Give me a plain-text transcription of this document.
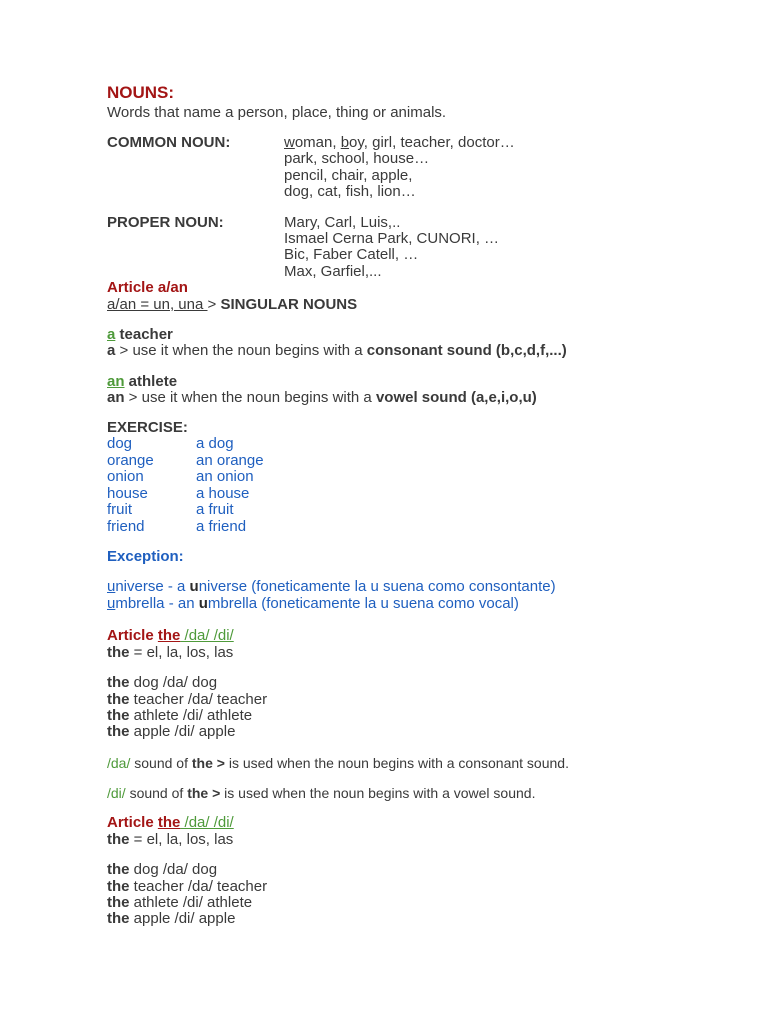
NOUNS:
Words that name a person, place, thing or animals.
COMMON NOUN:	woman, boy, girl, teacher, doctor…
park, school, house…
pencil, chair, apple,
dog, cat, fish, lion…
PROPER NOUN:	Mary, Carl, Luis,..
Ismael Cerna Park, CUNORI, …
Bic, Faber Catell, …
Max, Garfiel,...
Article a/an
a/an = un, una > SINGULAR NOUNS
a teacher
a > use it when the noun begins with a consonant sound (b,c,d,f,...)
an athlete
an > use it when the noun begins with a vowel sound (a,e,i,o,u)
EXERCISE:
dog	a dog
orange	an orange
onion	an onion
house	a house
fruit	a fruit
friend	a friend
Exception:
universe - a universe (foneticamente la u suena como consontante)
umbrella - an umbrella (foneticamente la u suena como vocal)
Article the /da/ /di/
the = el, la, los, las
the dog /da/ dog
the teacher /da/ teacher
the athlete /di/ athlete
the apple /di/ apple
/da/ sound of the > is used when the noun begins with a consonant sound.
/di/ sound of the > is used when the noun begins with a vowel sound.
Article the /da/ /di/
the = el, la, los, las
the dog /da/ dog
the teacher /da/ teacher
the athlete /di/ athlete
the apple /di/ apple
